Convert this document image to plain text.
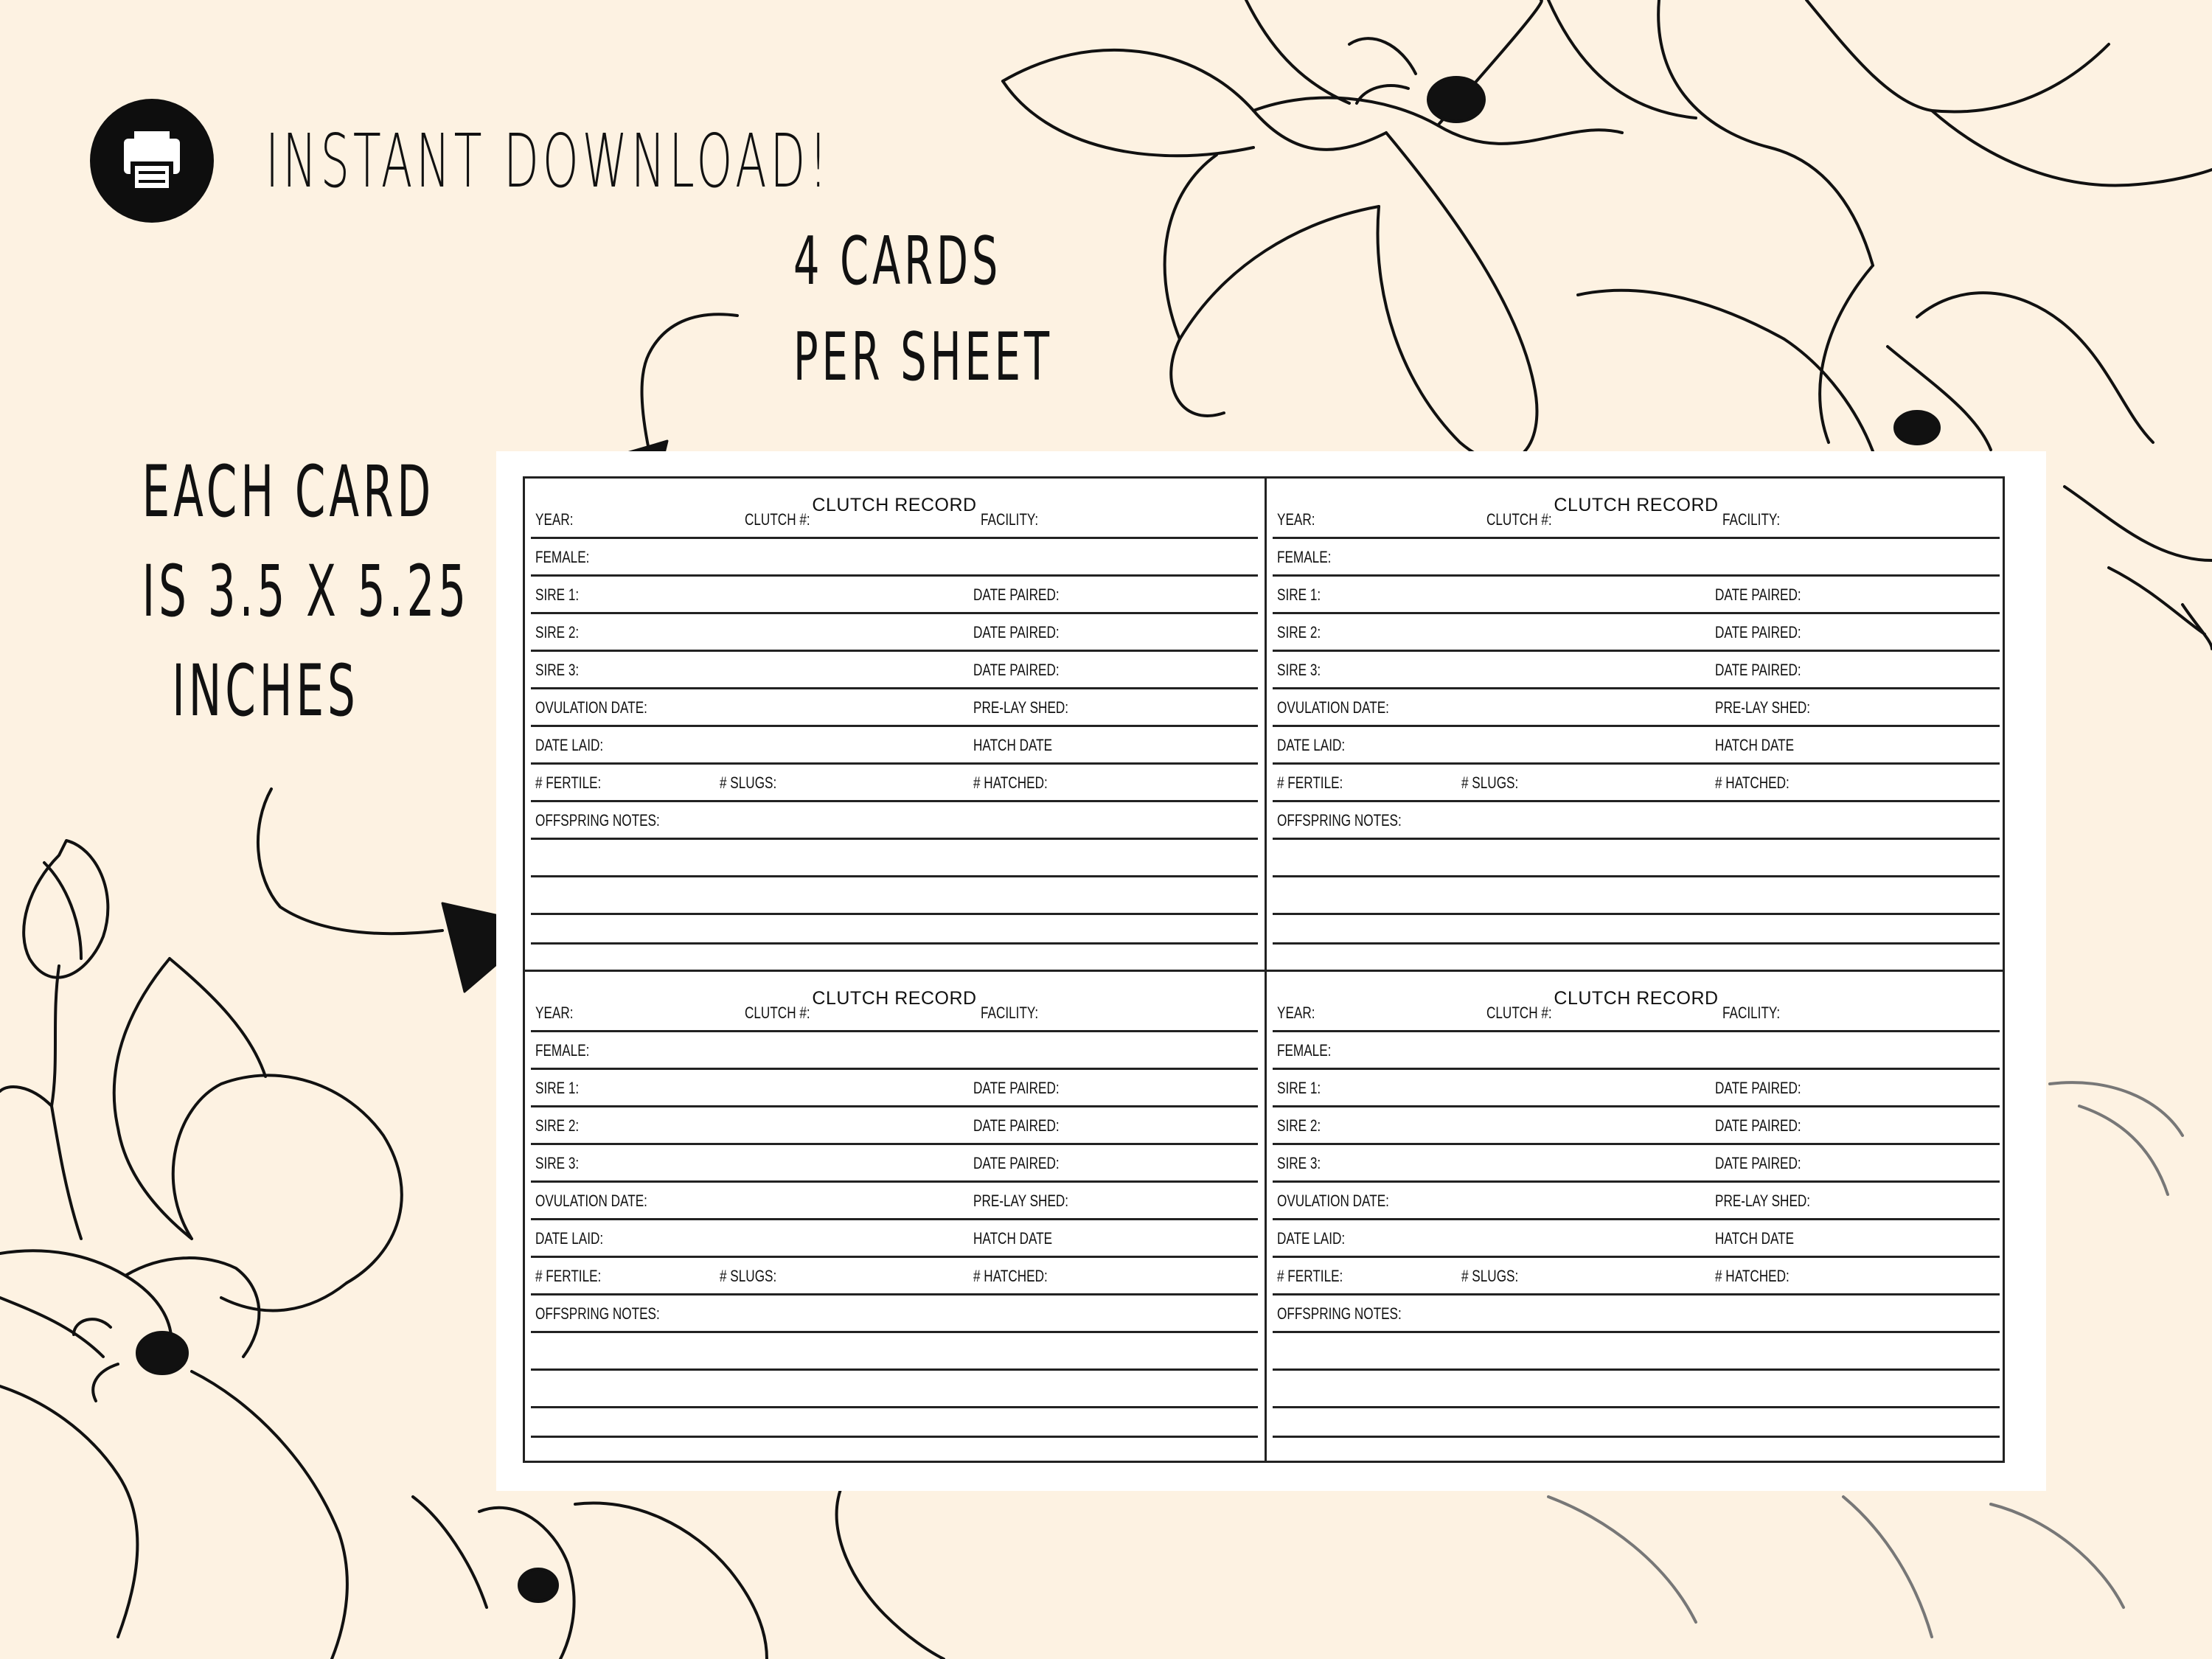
INSTANT DOWNLOAD!
4 CARDS
PER SHEET
EACH CARD
IS 3.5 X 5.25
INCHES
CLUTCH RECORD
YEAR:	CLUTCH #:	FACILITY:
FEMALE:
SIRE 1:	DATE PAIRED:
SIRE 2:	DATE PAIRED:
SIRE 3:	DATE PAIRED:
OVULATION DATE:	PRE-LAY SHED:
DATE LAID:	HATCH DATE
# FERTILE:	# SLUGS:	# HATCHED:
OFFSPRING NOTES:
CLUTCH RECORD
YEAR:	CLUTCH #:	FACILITY:
FEMALE:
SIRE 1:	DATE PAIRED:
SIRE 2:	DATE PAIRED:
SIRE 3:	DATE PAIRED:
OVULATION DATE:	PRE-LAY SHED:
DATE LAID:	HATCH DATE
# FERTILE:	# SLUGS:	# HATCHED:
OFFSPRING NOTES:
CLUTCH RECORD
YEAR:	CLUTCH #:	FACILITY:
FEMALE:
SIRE 1:	DATE PAIRED:
SIRE 2:	DATE PAIRED:
SIRE 3:	DATE PAIRED:
OVULATION DATE:	PRE-LAY SHED:
DATE LAID:	HATCH DATE
# FERTILE:	# SLUGS:	# HATCHED:
OFFSPRING NOTES:
CLUTCH RECORD
YEAR:	CLUTCH #:	FACILITY:
FEMALE:
SIRE 1:	DATE PAIRED:
SIRE 2:	DATE PAIRED:
SIRE 3:	DATE PAIRED:
OVULATION DATE:	PRE-LAY SHED:
DATE LAID:	HATCH DATE
# FERTILE:	# SLUGS:	# HATCHED:
OFFSPRING NOTES:
